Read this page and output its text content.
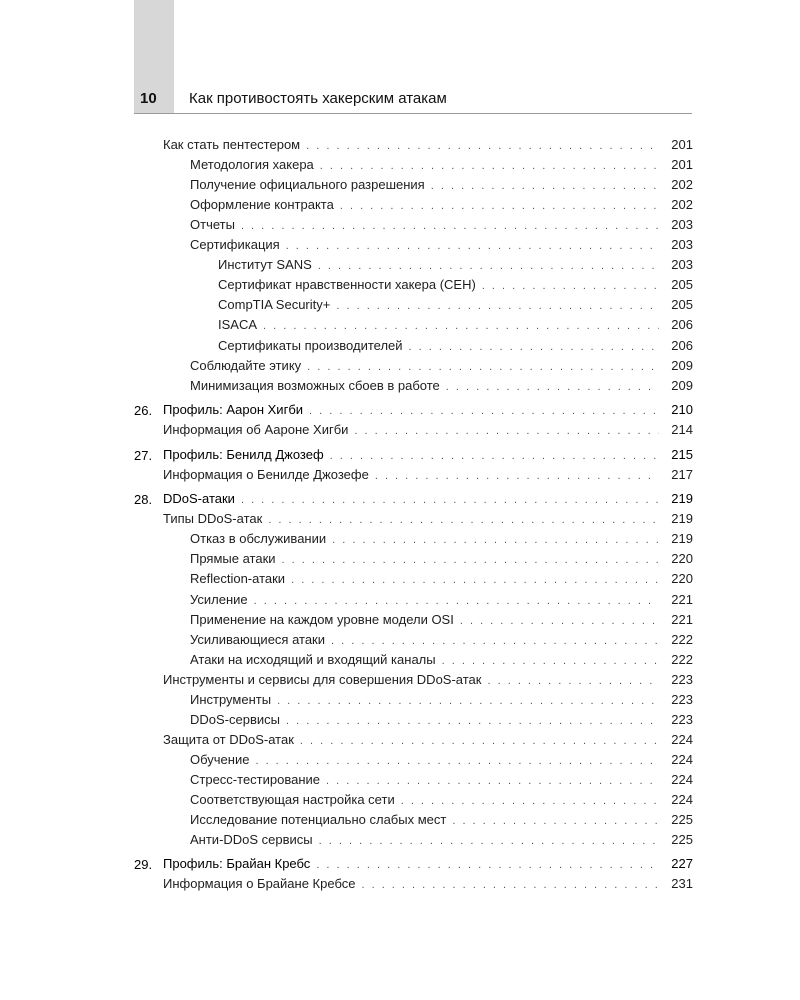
10 Как противостоять хакерским атакам
Как стать пентестером . . .	201
Методология хакера . . .	201
Получение официального разрешения . . .	202
Оформление контракта . . .	202
Отчеты . . .	203
Сертификация . . .	203
Институт SANS . . .	203
Сертификат нравственности хакера (CEH) . . .	205
CompTIA Security+ . . .	205
ISACA . . .	206
Сертификаты производителей . . .	206
Соблюдайте этику . . .	209
Минимизация возможных сбоев в работе . . .	209
26. Профиль: Аарон Хигби . . .	210
Информация об Аароне Хигби . . .	214
27. Профиль: Бенилд Джозеф . . .	215
Информация о Бенилде Джозефе . . .	217
28. DDoS-атаки . . .	219
Типы DDoS-атак . . .	219
Отказ в обслуживании . . .	219
Прямые атаки . . .	220
Reflection-атаки . . .	220
Усиление . . .	221
Применение на каждом уровне модели OSI . . .	221
Усиливающиеся атаки . . .	222
Атаки на исходящий и входящий каналы . . .	222
Инструменты и сервисы для совершения DDoS-атак . . .	223
Инструменты . . .	223
DDoS-сервисы . . .	223
Защита от DDoS-атак . . .	224
Обучение . . .	224
Стресс-тестирование . . .	224
Соответствующая настройка сети . . .	224
Исследование потенциально слабых мест . . .	225
Анти-DDoS сервисы . . .	225
29. Профиль: Брайан Кребс . . .	227
Информация о Брайане Кребсе . . .	231
